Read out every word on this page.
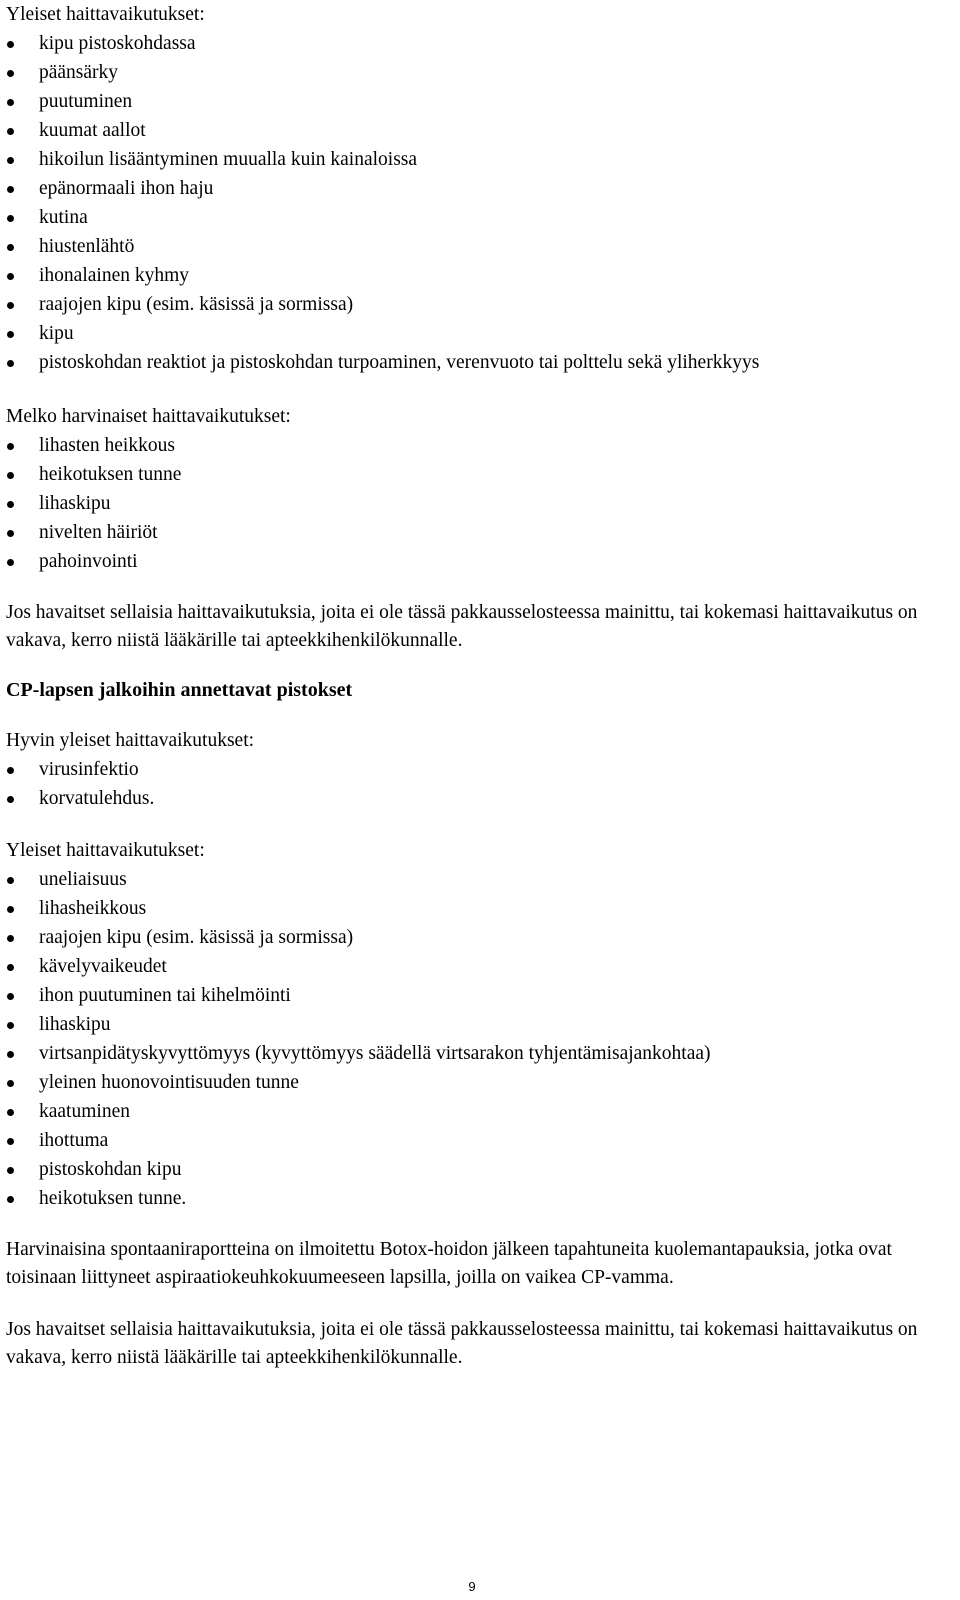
Yleiset haittavaikutukset:

kipu pistoskohdassa
päänsärky
puutuminen
kuumat aallot
hikoilun lisääntyminen muualla kuin kainaloissa
epänormaali ihon haju
kutina
hiustenlähtö
ihonalainen kyhmy
raajojen kipu (esim. käsissä ja sormissa)
kipu
pistoskohdan reaktiot ja pistoskohdan turpoaminen, verenvuoto tai polttelu sekä yliherkkyys

Melko harvinaiset haittavaikutukset:

lihasten heikkous
heikotuksen tunne
lihaskipu
nivelten häiriöt
pahoinvointi

Jos havaitset sellaisia haittavaikutuksia, joita ei ole tässä pakkausselosteessa mainittu, tai kokemasi haittavaikutus on vakava, kerro niistä lääkärille tai apteekkihenkilökunnalle.

CP-lapsen jalkoihin annettavat pistokset

Hyvin yleiset haittavaikutukset:

virusinfektio
korvatulehdus.

Yleiset haittavaikutukset:

uneliaisuus
lihasheikkous
raajojen kipu (esim. käsissä ja sormissa)
kävelyvaikeudet
ihon puutuminen tai kihelmöinti
lihaskipu
virtsanpidätyskyvyttömyys (kyvyttömyys säädellä virtsarakon tyhjentämisajankohtaa)
yleinen huonovointisuuden tunne
kaatuminen
ihottuma
pistoskohdan kipu
heikotuksen tunne.

Harvinaisina spontaaniraportteina on ilmoitettu Botox-hoidon jälkeen tapahtuneita kuolemantapauksia, jotka ovat toisinaan liittyneet aspiraatiokeuhkokuumeeseen lapsilla, joilla on vaikea CP-vamma.

Jos havaitset sellaisia haittavaikutuksia, joita ei ole tässä pakkausselosteessa mainittu, tai kokemasi haittavaikutus on vakava, kerro niistä lääkärille tai apteekkihenkilökunnalle.

9
